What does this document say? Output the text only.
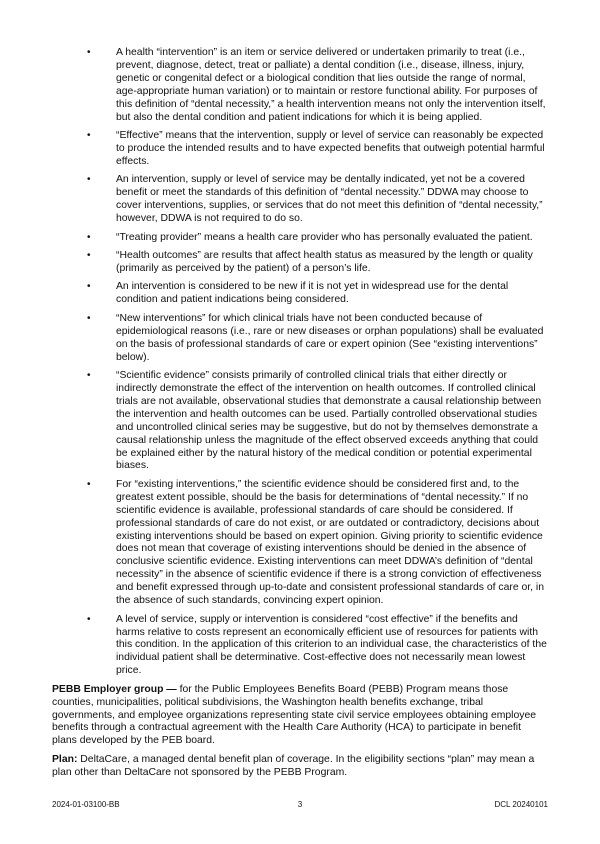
• A health “intervention” is an item or service delivered or undertaken primarily to treat (i.e., prevent, diagnose, detect, treat or palliate) a dental condition (i.e., disease, illness, injury, genetic or congenital defect or a biological condition that lies outside the range of normal, age-appropriate human variation) or to maintain or restore functional ability. For purposes of this definition of “dental necessity,” a health intervention means not only the intervention itself, but also the dental condition and patient indications for which it is being applied.
• “Effective” means that the intervention, supply or level of service can reasonably be expected to produce the intended results and to have expected benefits that outweigh potential harmful effects.
• An intervention, supply or level of service may be dentally indicated, yet not be a covered benefit or meet the standards of this definition of “dental necessity.” DDWA may choose to cover interventions, supplies, or services that do not meet this definition of “dental necessity,” however, DDWA is not required to do so.
• “Treating provider” means a health care provider who has personally evaluated the patient.
• “Health outcomes” are results that affect health status as measured by the length or quality (primarily as perceived by the patient) of a person’s life.
• An intervention is considered to be new if it is not yet in widespread use for the dental condition and patient indications being considered.
• “New interventions” for which clinical trials have not been conducted because of epidemiological reasons (i.e., rare or new diseases or orphan populations) shall be evaluated on the basis of professional standards of care or expert opinion (See “existing interventions” below).
• “Scientific evidence” consists primarily of controlled clinical trials that either directly or indirectly demonstrate the effect of the intervention on health outcomes. If controlled clinical trials are not available, observational studies that demonstrate a causal relationship between the intervention and health outcomes can be used. Partially controlled observational studies and uncontrolled clinical series may be suggestive, but do not by themselves demonstrate a causal relationship unless the magnitude of the effect observed exceeds anything that could be explained either by the natural history of the medical condition or potential experimental biases.
• For “existing interventions,” the scientific evidence should be considered first and, to the greatest extent possible, should be the basis for determinations of “dental necessity.” If no scientific evidence is available, professional standards of care should be considered. If professional standards of care do not exist, or are outdated or contradictory, decisions about existing interventions should be based on expert opinion. Giving priority to scientific evidence does not mean that coverage of existing interventions should be denied in the absence of conclusive scientific evidence. Existing interventions can meet DDWA’s definition of “dental necessity” in the absence of scientific evidence if there is a strong conviction of effectiveness and benefit expressed through up-to-date and consistent professional standards of care or, in the absence of such standards, convincing expert opinion.
• A level of service, supply or intervention is considered “cost effective” if the benefits and harms relative to costs represent an economically efficient use of resources for patients with this condition. In the application of this criterion to an individual case, the characteristics of the individual patient shall be determinative. Cost-effective does not necessarily mean lowest price.

PEBB Employer group — for the Public Employees Benefits Board (PEBB) Program means those counties, municipalities, political subdivisions, the Washington health benefits exchange, tribal governments, and employee organizations representing state civil service employees obtaining employee benefits through a contractual agreement with the Health Care Authority (HCA) to participate in benefit plans developed by the PEB board.

Plan: DeltaCare, a managed dental benefit plan of coverage. In the eligibility sections “plan” may mean a plan other than DeltaCare not sponsored by the PEBB Program.

2024-01-03100-BB	3	DCL 20240101
